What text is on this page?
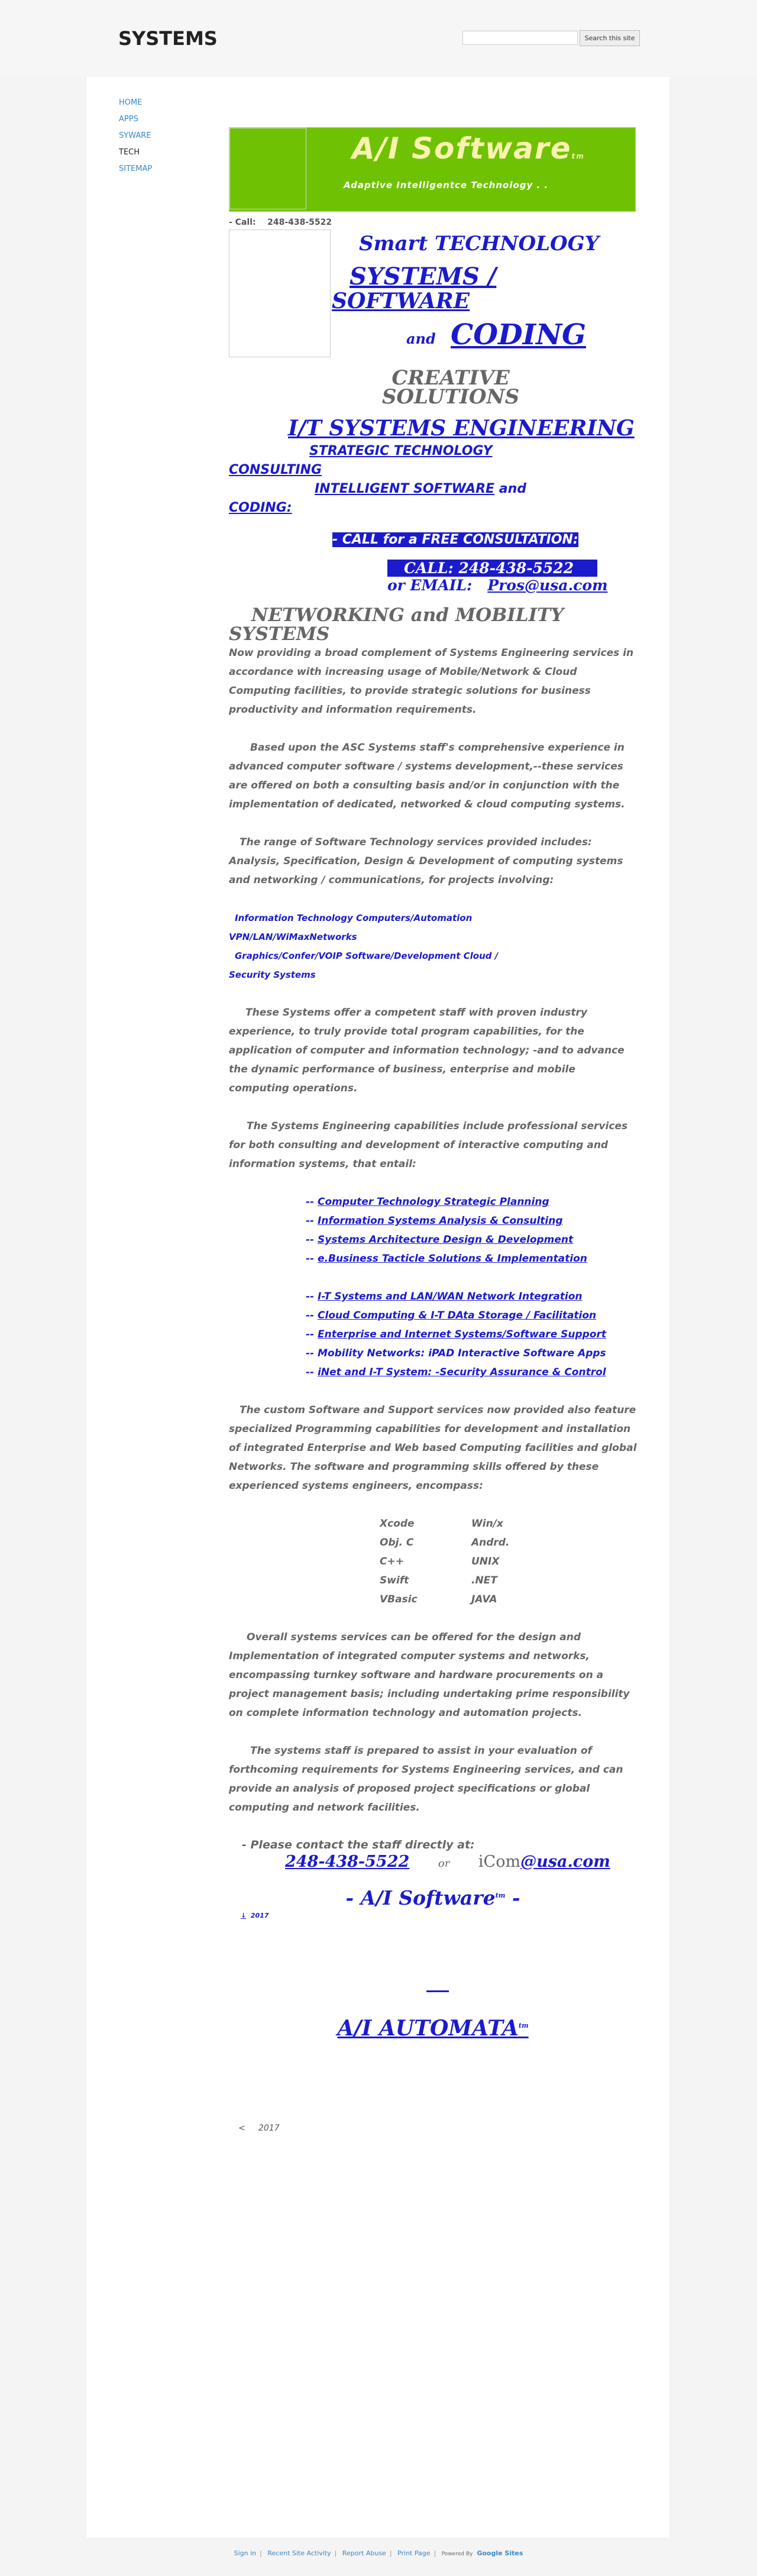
SYSTEMS	Search this site
HOME
APPS
SYWARE
TECH
SITEMAP
A/I Softwaretm
Adaptive Intelligentce Technology . .
- Call: 248-438-5522
Smart TECHNOLOGY
SYSTEMS /
SOFTWARE
and CODING
CREATIVE
SOLUTIONS
I/T SYSTEMS ENGINEERING
STRATEGIC TECHNOLOGY
CONSULTING
INTELLIGENT SOFTWARE and
CODING:
- CALL for a FREE CONSULTATION:
CALL: 248-438-5522
or EMAIL: Pros@usa.com
NETWORKING and MOBILITY
SYSTEMS

Now providing a broad complement of Systems Engineering services in accordance with increasing usage of Mobile/Network & Cloud Computing facilities, to provide strategic solutions for business productivity and information requirements.

Based upon the ASC Systems staff's comprehensive experience in advanced computer software / systems development,--these services are offered on both a consulting basis and/or in conjunction with the implementation of dedicated, networked & cloud computing systems.

The range of Software Technology services provided includes: Analysis, Specification, Design & Development of computing systems and networking / communications, for projects involving:

Information Technology Computers/Automation
VPN/LAN/WiMaxNetworks
Graphics/Confer/VOIP Software/Development Cloud /
Security Systems

These Systems offer a competent staff with proven industry experience, to truly provide total program capabilities, for the application of computer and information technology; -and to advance the dynamic performance of business, enterprise and mobile computing operations.

The Systems Engineering capabilities include professional services for both consulting and development of interactive computing and information systems, that entail:

-- Computer Technology Strategic Planning
-- Information Systems Analysis & Consulting
-- Systems Architecture Design & Development
-- e.Business Tacticle Solutions & Implementation
-- I-T Systems and LAN/WAN Network Integration
-- Cloud Computing & I-T DAta Storage / Facilitation
-- Enterprise and Internet Systems/Software Support
-- Mobility Networks: iPAD Interactive Software Apps
-- iNet and I-T System: -Security Assurance & Control

The custom Software and Support services now provided also feature specialized Programming capabilities for development and installation of integrated Enterprise and Web based Computing facilities and global Networks. The software and programming skills offered by these experienced systems engineers, encompass:

Xcode	Win/x
Obj. C	Andrd.
C++	UNIX
Swift	.NET
VBasic	JAVA

Overall systems services can be offered for the design and Implementation of integrated computer systems and networks, encompassing turnkey software and hardware procurements on a project management basis; including undertaking prime responsibility on complete information technology and automation projects.

The systems staff is prepared to assist in your evaluation of forthcoming requirements for Systems Engineering services, and can provide an analysis of proposed project specifications or global computing and network facilities.

- Please contact the staff directly at:
248-438-5522	or iCom@usa.com
- A/I Software$^{tm}$ -
↓ 2017
A/I $AUTOMATA^{tm}$
< 2017
Sign in | Recent Site Activity | Report Abuse | Print Page | Powered By Google Sites
